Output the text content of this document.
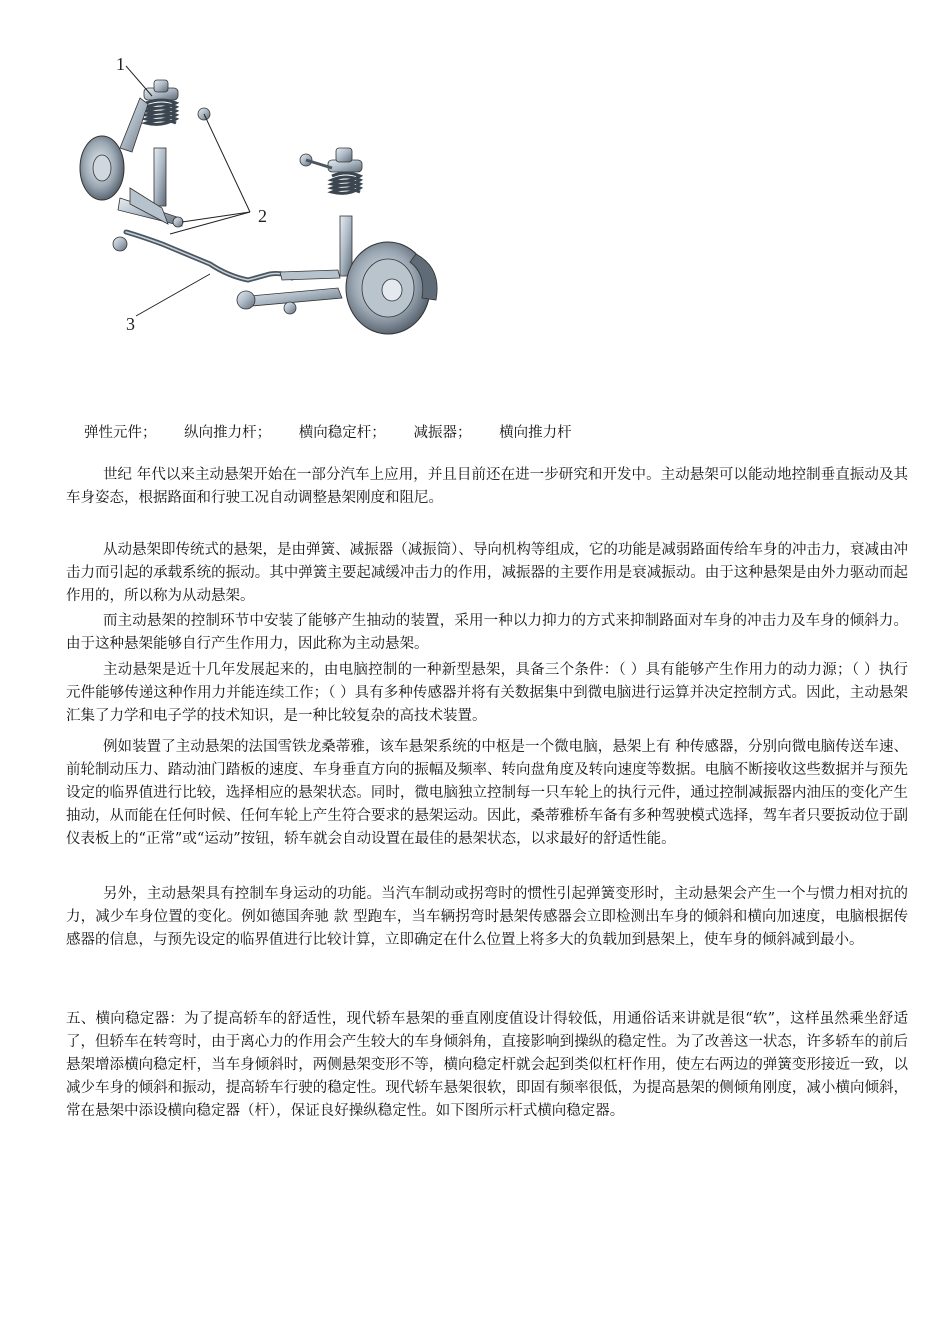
1
2
3
弹性元件；      纵向推力杆；      横向稳定杆；      减振器；      横向推力杆

世纪 年代以来主动悬架开始在一部分汽车上应用，并且目前还在进一步研究和开发中。主动悬架可以能动地控制垂直振动及其车身姿态，根据路面和行驶工况自动调整悬架刚度和阻尼。

从动悬架即传统式的悬架，是由弹簧、减振器（减振筒）、导向机构等组成，它的功能是减弱路面传给车身的冲击力，衰减由冲击力而引起的承载系统的振动。其中弹簧主要起减缓冲击力的作用，减振器的主要作用是衰减振动。由于这种悬架是由外力驱动而起作用的，所以称为从动悬架。

而主动悬架的控制环节中安装了能够产生抽动的装置，采用一种以力抑力的方式来抑制路面对车身的冲击力及车身的倾斜力。由于这种悬架能够自行产生作用力，因此称为主动悬架。

主动悬架是近十几年发展起来的，由电脑控制的一种新型悬架，具备三个条件：（ ）具有能够产生作用力的动力源；（ ）执行元件能够传递这种作用力并能连续工作；（ ）具有多种传感器并将有关数据集中到微电脑进行运算并决定控制方式。因此，主动悬架汇集了力学和电子学的技术知识，是一种比较复杂的高技术装置。

例如装置了主动悬架的法国雪铁龙桑蒂雅，该车悬架系统的中枢是一个微电脑，悬架上有 种传感器，分别向微电脑传送车速、前轮制动压力、踏动油门踏板的速度、车身垂直方向的振幅及频率、转向盘角度及转向速度等数据。电脑不断接收这些数据并与预先设定的临界值进行比较，选择相应的悬架状态。同时，微电脑独立控制每一只车轮上的执行元件，通过控制减振器内油压的变化产生抽动，从而能在任何时候、任何车轮上产生符合要求的悬架运动。因此，桑蒂雅桥车备有多种驾驶模式选择，驾车者只要扳动位于副仪表板上的“正常”或“运动”按钮，轿车就会自动设置在最佳的悬架状态，以求最好的舒适性能。

另外，主动悬架具有控制车身运动的功能。当汽车制动或拐弯时的惯性引起弹簧变形时，主动悬架会产生一个与惯力相对抗的力，减少车身位置的变化。例如德国奔驰 款 型跑车，当车辆拐弯时悬架传感器会立即检测出车身的倾斜和横向加速度，电脑根据传感器的信息，与预先设定的临界值进行比较计算，立即确定在什么位置上将多大的负载加到悬架上，使车身的倾斜减到最小。

五、横向稳定器：为了提高轿车的舒适性，现代轿车悬架的垂直刚度值设计得较低，用通俗话来讲就是很“软”，这样虽然乘坐舒适了，但轿车在转弯时，由于离心力的作用会产生较大的车身倾斜角，直接影响到操纵的稳定性。为了改善这一状态，许多轿车的前后悬架增添横向稳定杆，当车身倾斜时，两侧悬架变形不等，横向稳定杆就会起到类似杠杆作用，使左右两边的弹簧变形接近一致，以减少车身的倾斜和振动，提高轿车行驶的稳定性。现代轿车悬架很软，即固有频率很低，为提高悬架的侧倾角刚度，减小横向倾斜，常在悬架中添设横向稳定器（杆），保证良好操纵稳定性。如下图所示杆式横向稳定器。
